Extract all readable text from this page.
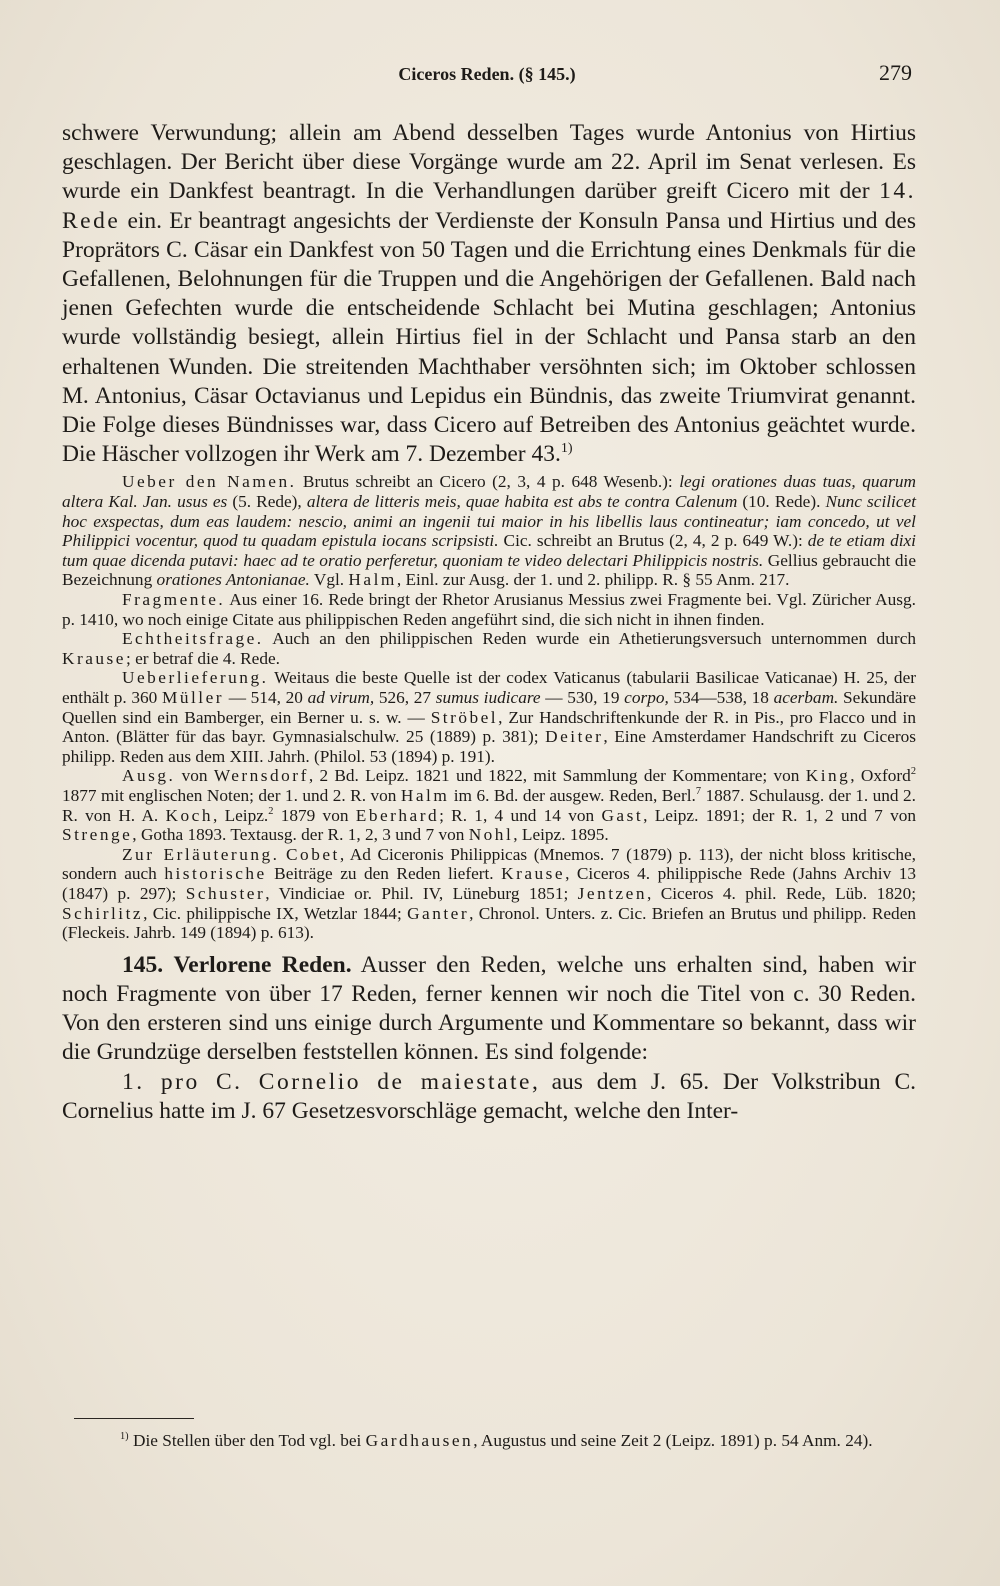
Ciceros Reden. (§ 145.)	279

schwere Verwundung; allein am Abend desselben Tages wurde Antonius von Hirtius geschlagen. Der Bericht über diese Vorgänge wurde am 22. April im Senat verlesen. Es wurde ein Dankfest beantragt. In die Verhandlungen darüber greift Cicero mit der 14. Rede ein. Er beantragt angesichts der Verdienste der Konsuln Pansa und Hirtius und des Proprätors C. Cäsar ein Dankfest von 50 Tagen und die Errichtung eines Denkmals für die Gefallenen, Belohnungen für die Truppen und die Angehörigen der Gefallenen. Bald nach jenen Gefechten wurde die entscheidende Schlacht bei Mutina geschlagen; Antonius wurde vollständig besiegt, allein Hirtius fiel in der Schlacht und Pansa starb an den erhaltenen Wunden. Die streitenden Machthaber versöhnten sich; im Oktober schlossen M. Antonius, Cäsar Octavianus und Lepidus ein Bündnis, das zweite Triumvirat genannt. Die Folge dieses Bündnisses war, dass Cicero auf Betreiben des Antonius geächtet wurde. Die Häscher vollzogen ihr Werk am 7. Dezember 43.$^{1)}$

Ueber den Namen. Brutus schreibt an Cicero (2, 3, 4 p. 648 Wesenb.): legi orationes duas tuas, quarum altera Kal. Jan. usus es (5. Rede), altera de litteris meis, quae habita est abs te contra Calenum (10. Rede). Nunc scilicet hoc exspectas, dum eas laudem: nescio, animi an ingenii tui maior in his libellis laus contineatur; iam concedo, ut vel Philippici vocentur, quod tu quadam epistula iocans scripsisti. Cic. schreibt an Brutus (2, 4, 2 p. 649 W.): de te etiam dixi tum quae dicenda putavi: haec ad te oratio perferetur, quoniam te video delectari Philippicis nostris. Gellius gebraucht die Bezeichnung orationes Antonianae. Vgl. Halm, Einl. zur Ausg. der 1. und 2. philipp. R. § 55 Anm. 217.

Fragmente. Aus einer 16. Rede bringt der Rhetor Arusianus Messius zwei Fragmente bei. Vgl. Züricher Ausg. p. 1410, wo noch einige Citate aus philippischen Reden angeführt sind, die sich nicht in ihnen finden.

Echtheitsfrage. Auch an den philippischen Reden wurde ein Athetierungsversuch unternommen durch Krause; er betraf die 4. Rede.

Ueberlieferung. Weitaus die beste Quelle ist der codex Vaticanus (tabularii Basilicae Vaticanae) H. 25, der enthält p. 360 Müller — 514, 20 ad virum, 526, 27 sumus iudicare — 530, 19 corpo, 534—538, 18 acerbam. Sekundäre Quellen sind ein Bamberger, ein Berner u. s. w. — Ströbel, Zur Handschriftenkunde der R. in Pis., pro Flacco und in Anton. (Blätter für das bayr. Gymnasialschulw. 25 (1889) p. 381); Deiter, Eine Amsterdamer Handschrift zu Ciceros philipp. Reden aus dem XIII. Jahrh. (Philol. 53 (1894) p. 191).

Ausg. von Wernsdorf, 2 Bd. Leipz. 1821 und 1822, mit Sammlung der Kommentare; von King, Oxford$^2$ 1877 mit englischen Noten; der 1. und 2. R. von Halm im 6. Bd. der ausgew. Reden, Berl.$^7$ 1887. Schulausg. der 1. und 2. R. von H. A. Koch, Leipz.$^2$ 1879 von Eberhard; R. 1, 4 und 14 von Gast, Leipz. 1891; der R. 1, 2 und 7 von Strenge, Gotha 1893. Textausg. der R. 1, 2, 3 und 7 von Nohl, Leipz. 1895.

Zur Erläuterung. Cobet, Ad Ciceronis Philippicas (Mnemos. 7 (1879) p. 113), der nicht bloss kritische, sondern auch historische Beiträge zu den Reden liefert. Krause, Ciceros 4. philippische Rede (Jahns Archiv 13 (1847) p. 297); Schuster, Vindiciae or. Phil. IV, Lüneburg 1851; Jentzen, Ciceros 4. phil. Rede, Lüb. 1820; Schirlitz, Cic. philippische IX, Wetzlar 1844; Ganter, Chronol. Unters. z. Cic. Briefen an Brutus und philipp. Reden (Fleckeis. Jahrb. 149 (1894) p. 613).

145. Verlorene Reden. Ausser den Reden, welche uns erhalten sind, haben wir noch Fragmente von über 17 Reden, ferner kennen wir noch die Titel von c. 30 Reden. Von den ersteren sind uns einige durch Argumente und Kommentare so bekannt, dass wir die Grundzüge derselben feststellen können. Es sind folgende:

1. pro C. Cornelio de maiestate, aus dem J. 65. Der Volkstribun C. Cornelius hatte im J. 67 Gesetzesvorschläge gemacht, welche den Inter-

$^{1)}$ Die Stellen über den Tod vgl. bei Gardhausen, Augustus und seine Zeit 2 (Leipz. 1891) p. 54 Anm. 24).
